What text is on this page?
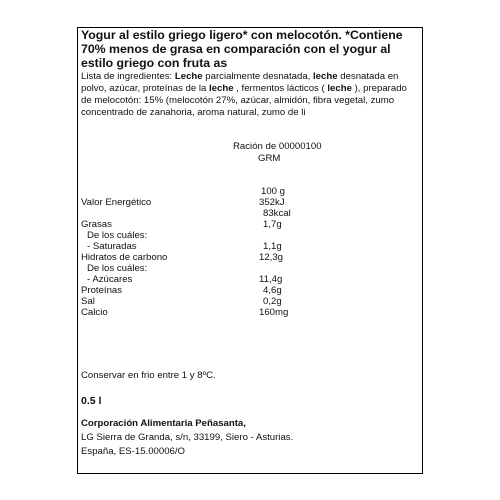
Yogur al estilo griego ligero* con melocotón. *Contiene 70% menos de grasa en comparación con el yogur al estilo griego con fruta as

Lista de ingredientes: Leche parcialmente desnatada, leche desnatada en polvo, azúcar, proteínas de la leche , fermentos lácticos ( leche ), preparado de melocotón: 15% (melocotón 27%, azúcar, almidón, fibra vegetal, zumo concentrado de zanahoria, aroma natural, zumo de li

Ración de 00000100
GRM
100 g
Valor Energético	352kJ
83kcal
Grasas	1,7g
De los cuáles:
- Saturadas	1,1g
Hidratos de carbono	12,3g
De los cuáles:
- Azúcares	11,4g
Proteínas	4,6g
Sal	0,2g
Calcio	160mg
Conservar en frio entre 1 y 8ºC.
0.5 l
Corporación Alimentaria Peñasanta,
LG Sierra de Granda, s/n, 33199, Siero - Asturias.
España, ES-15.00006/O
